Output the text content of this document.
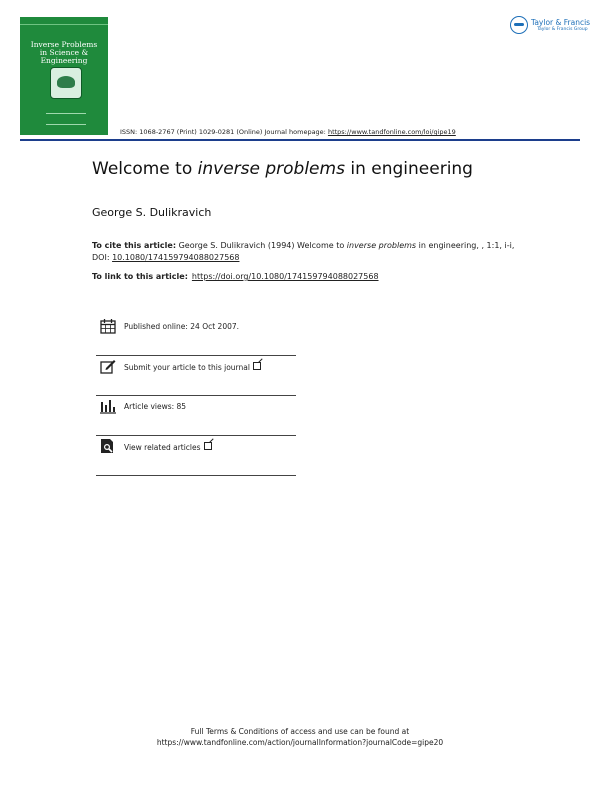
Inverse Problems
in Science & Engineering
Taylor & Francis
Taylor & Francis Group
ISSN: 1068-2767 (Print) 1029-0281 (Online) Journal homepage: https://www.tandfonline.com/loi/gipe19
Welcome to inverse problems in engineering
George S. Dulikravich
To cite this article: George S. Dulikravich (1994) Welcome to inverse problems in engineering, , 1:1, i-i, DOI: 10.1080/174159794088027568
To link to this article: https://doi.org/10.1080/174159794088027568
Published online: 24 Oct 2007.
Submit your article to this journal
Article views: 85
View related articles
Full Terms & Conditions of access and use can be found at
https://www.tandfonline.com/action/journalInformation?journalCode=gipe20
